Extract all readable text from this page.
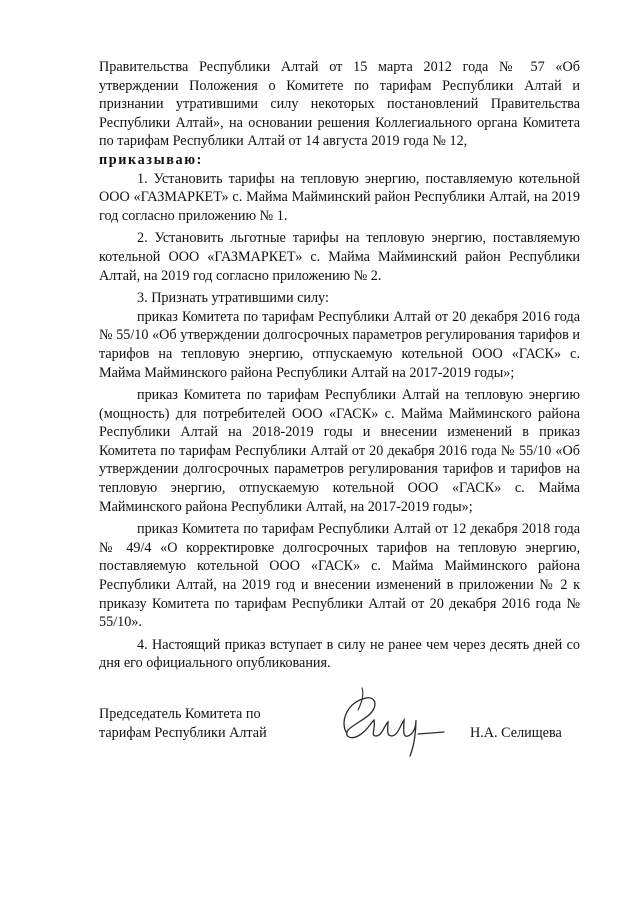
Правительства Республики Алтай от 15 марта 2012 года № 57 «Об утверждении Положения о Комитете по тарифам Республики Алтай и признании утратившими силу некоторых постановлений Правительства Республики Алтай», на основании решения Коллегиального органа Комитета по тарифам Республики Алтай от 14 августа 2019 года № 12,

приказываю:

1. Установить тарифы на тепловую энергию, поставляемую котельной ООО «ГАЗМАРКЕТ» с. Майма Майминский район Республики Алтай, на 2019 год согласно приложению № 1.

2. Установить льготные тарифы на тепловую энергию, поставляемую котельной ООО «ГАЗМАРКЕТ» с. Майма Майминский район Республики Алтай, на 2019 год согласно приложению № 2.

3. Признать утратившими силу:

приказ Комитета по тарифам Республики Алтай от 20 декабря 2016 года № 55/10 «Об утверждении долгосрочных параметров регулирования тарифов и тарифов на тепловую энергию, отпускаемую котельной ООО «ГАСК» с. Майма Майминского района Республики Алтай на 2017-2019 годы»;

приказ Комитета по тарифам Республики Алтай на тепловую энергию (мощность) для потребителей ООО «ГАСК» с. Майма Майминского района Республики Алтай на 2018-2019 годы и внесении изменений в приказ Комитета по тарифам Республики Алтай от 20 декабря 2016 года № 55/10 «Об утверждении долгосрочных параметров регулирования тарифов и тарифов на тепловую энергию, отпускаемую котельной ООО «ГАСК» с. Майма Майминского района Республики Алтай, на 2017-2019 годы»;

приказ Комитета по тарифам Республики Алтай от 12 декабря 2018 года № 49/4 «О корректировке долгосрочных тарифов на тепловую энергию, поставляемую котельной ООО «ГАСК» с. Майма Майминского района Республики Алтай, на 2019 год и внесении изменений в приложении № 2 к приказу Комитета по тарифам Республики Алтай от 20 декабря 2016 года № 55/10».

4. Настоящий приказ вступает в силу не ранее чем через десять дней со дня его официального опубликования.

Председатель Комитета по
тарифам Республики Алтай	Н.А. Селищева
